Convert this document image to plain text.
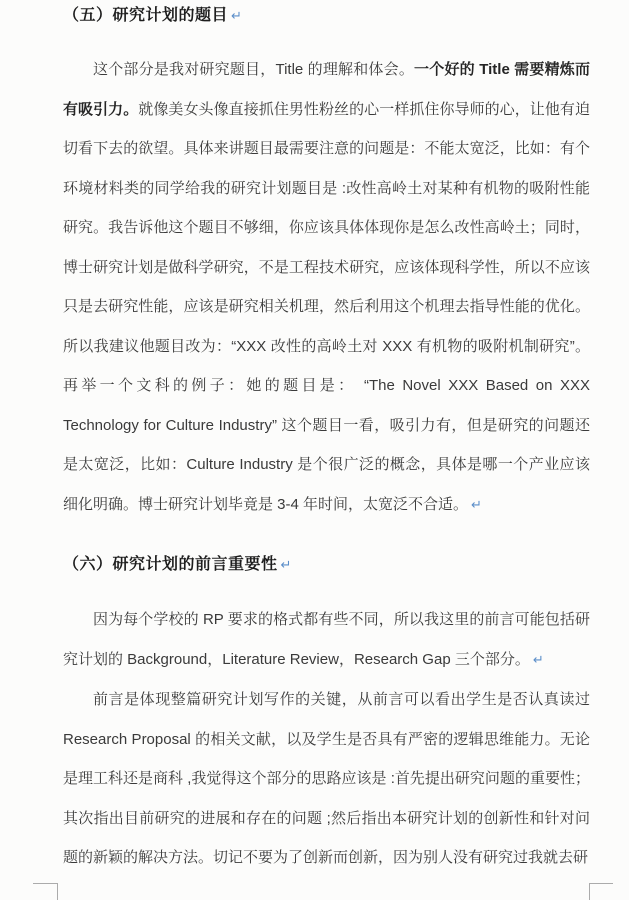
（五）研究计划的题目 ↵

这个部分是我对研究题目，Title 的理解和体会。一个好的 Title 需要精炼而有吸引力。就像美女头像直接抓住男性粉丝的心一样抓住你导师的心，让他有迫切看下去的欲望。具体来讲题目最需要注意的问题是：不能太宽泛，比如：有个环境材料类的同学给我的研究计划题目是 :改性高岭土对某种有机物的吸附性能研究。我告诉他这个题目不够细，你应该具体体现你是怎么改性高岭土；同时，博士研究计划是做科学研究，不是工程技术研究，应该体现科学性，所以不应该只是去研究性能，应该是研究相关机理，然后利用这个机理去指导性能的优化。所以我建议他题目改为：“XXX 改性的高岭土对 XXX 有机物的吸附机制研究”。再举一个文科的例子：她的题目是： “The Novel XXX Based on XXX Technology for Culture Industry” 这个题目一看，吸引力有，但是研究的问题还是太宽泛，比如：Culture Industry 是个很广泛的概念，具体是哪一个产业应该细化明确。博士研究计划毕竟是 3-4 年时间，太宽泛不合适。 ↵

（六）研究计划的前言重要性 ↵

因为每个学校的 RP 要求的格式都有些不同，所以我这里的前言可能包括研究计划的 Background，Literature Review，Research Gap 三个部分。 ↵

前言是体现整篇研究计划写作的关键，从前言可以看出学生是否认真读过 Research Proposal 的相关文献，以及学生是否具有严密的逻辑思维能力。无论是理工科还是商科 ,我觉得这个部分的思路应该是 :首先提出研究问题的重要性；其次指出目前研究的进展和存在的问题 ;然后指出本研究计划的创新性和针对问题的新颖的解决方法。切记不要为了创新而创新，因为别人没有研究过我就去研
